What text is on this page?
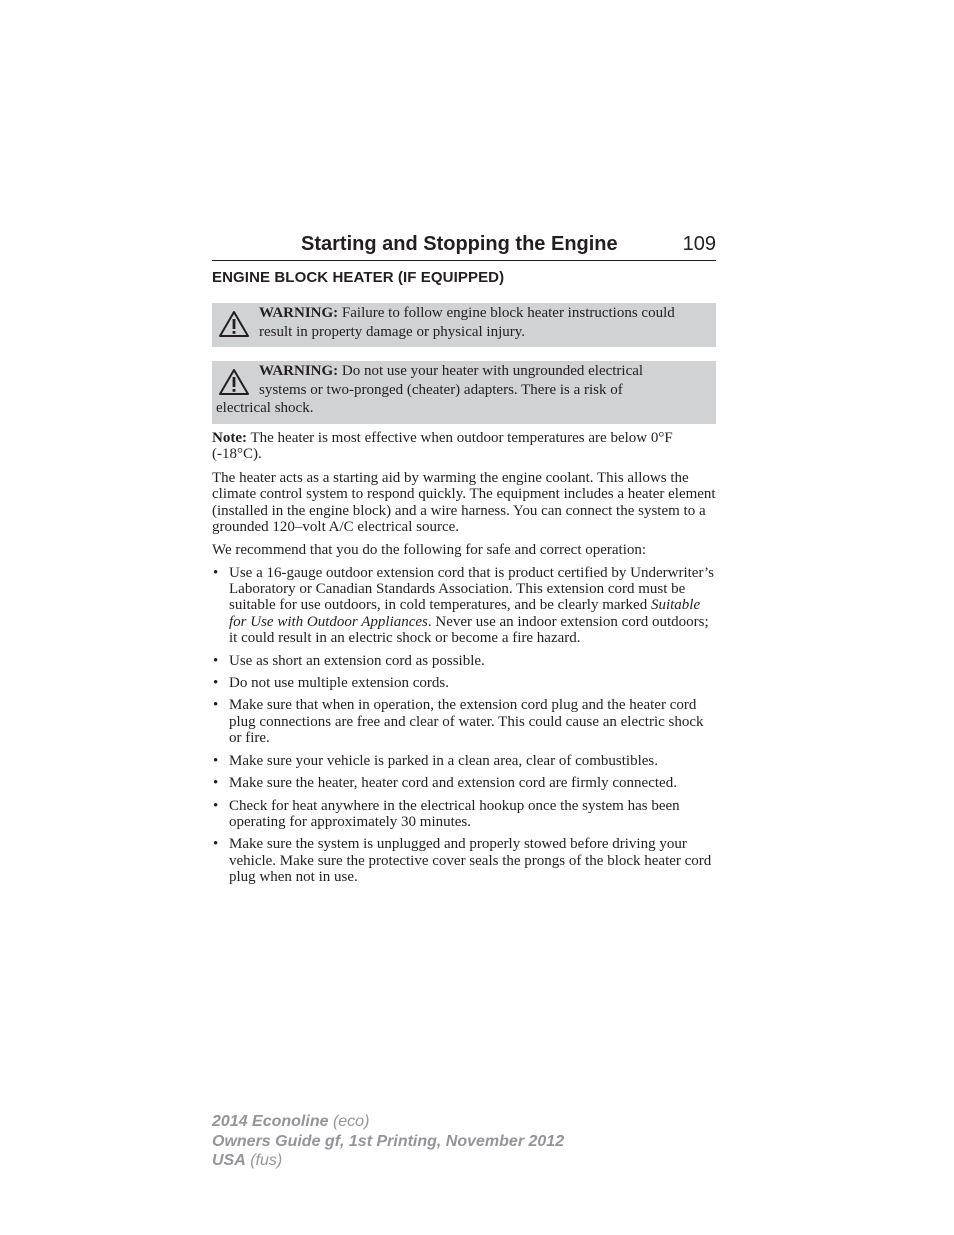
Starting and Stopping the Engine	109
ENGINE BLOCK HEATER (IF EQUIPPED)
WARNING: Failure to follow engine block heater instructions could result in property damage or physical injury.
WARNING: Do not use your heater with ungrounded electrical
systems or two-pronged (cheater) adapters. There is a risk of
electrical shock.

Note: The heater is most effective when outdoor temperatures are below 0°F (-18°C).

The heater acts as a starting aid by warming the engine coolant. This allows the climate control system to respond quickly. The equipment includes a heater element (installed in the engine block) and a wire harness. You can connect the system to a grounded 120–volt A/C electrical source.

We recommend that you do the following for safe and correct operation:

• Use a 16-gauge outdoor extension cord that is product certified by Underwriter’s Laboratory or Canadian Standards Association. This extension cord must be suitable for use outdoors, in cold temperatures, and be clearly marked Suitable for Use with Outdoor Appliances. Never use an indoor extension cord outdoors; it could result in an electric shock or become a fire hazard.
• Use as short an extension cord as possible.
• Do not use multiple extension cords.
• Make sure that when in operation, the extension cord plug and the heater cord plug connections are free and clear of water. This could cause an electric shock or fire.
• Make sure your vehicle is parked in a clean area, clear of combustibles.
• Make sure the heater, heater cord and extension cord are firmly connected.
• Check for heat anywhere in the electrical hookup once the system has been operating for approximately 30 minutes.
• Make sure the system is unplugged and properly stowed before driving your vehicle. Make sure the protective cover seals the prongs of the block heater cord plug when not in use.
2014 Econoline (eco)
Owners Guide gf, 1st Printing, November 2012
USA (fus)
